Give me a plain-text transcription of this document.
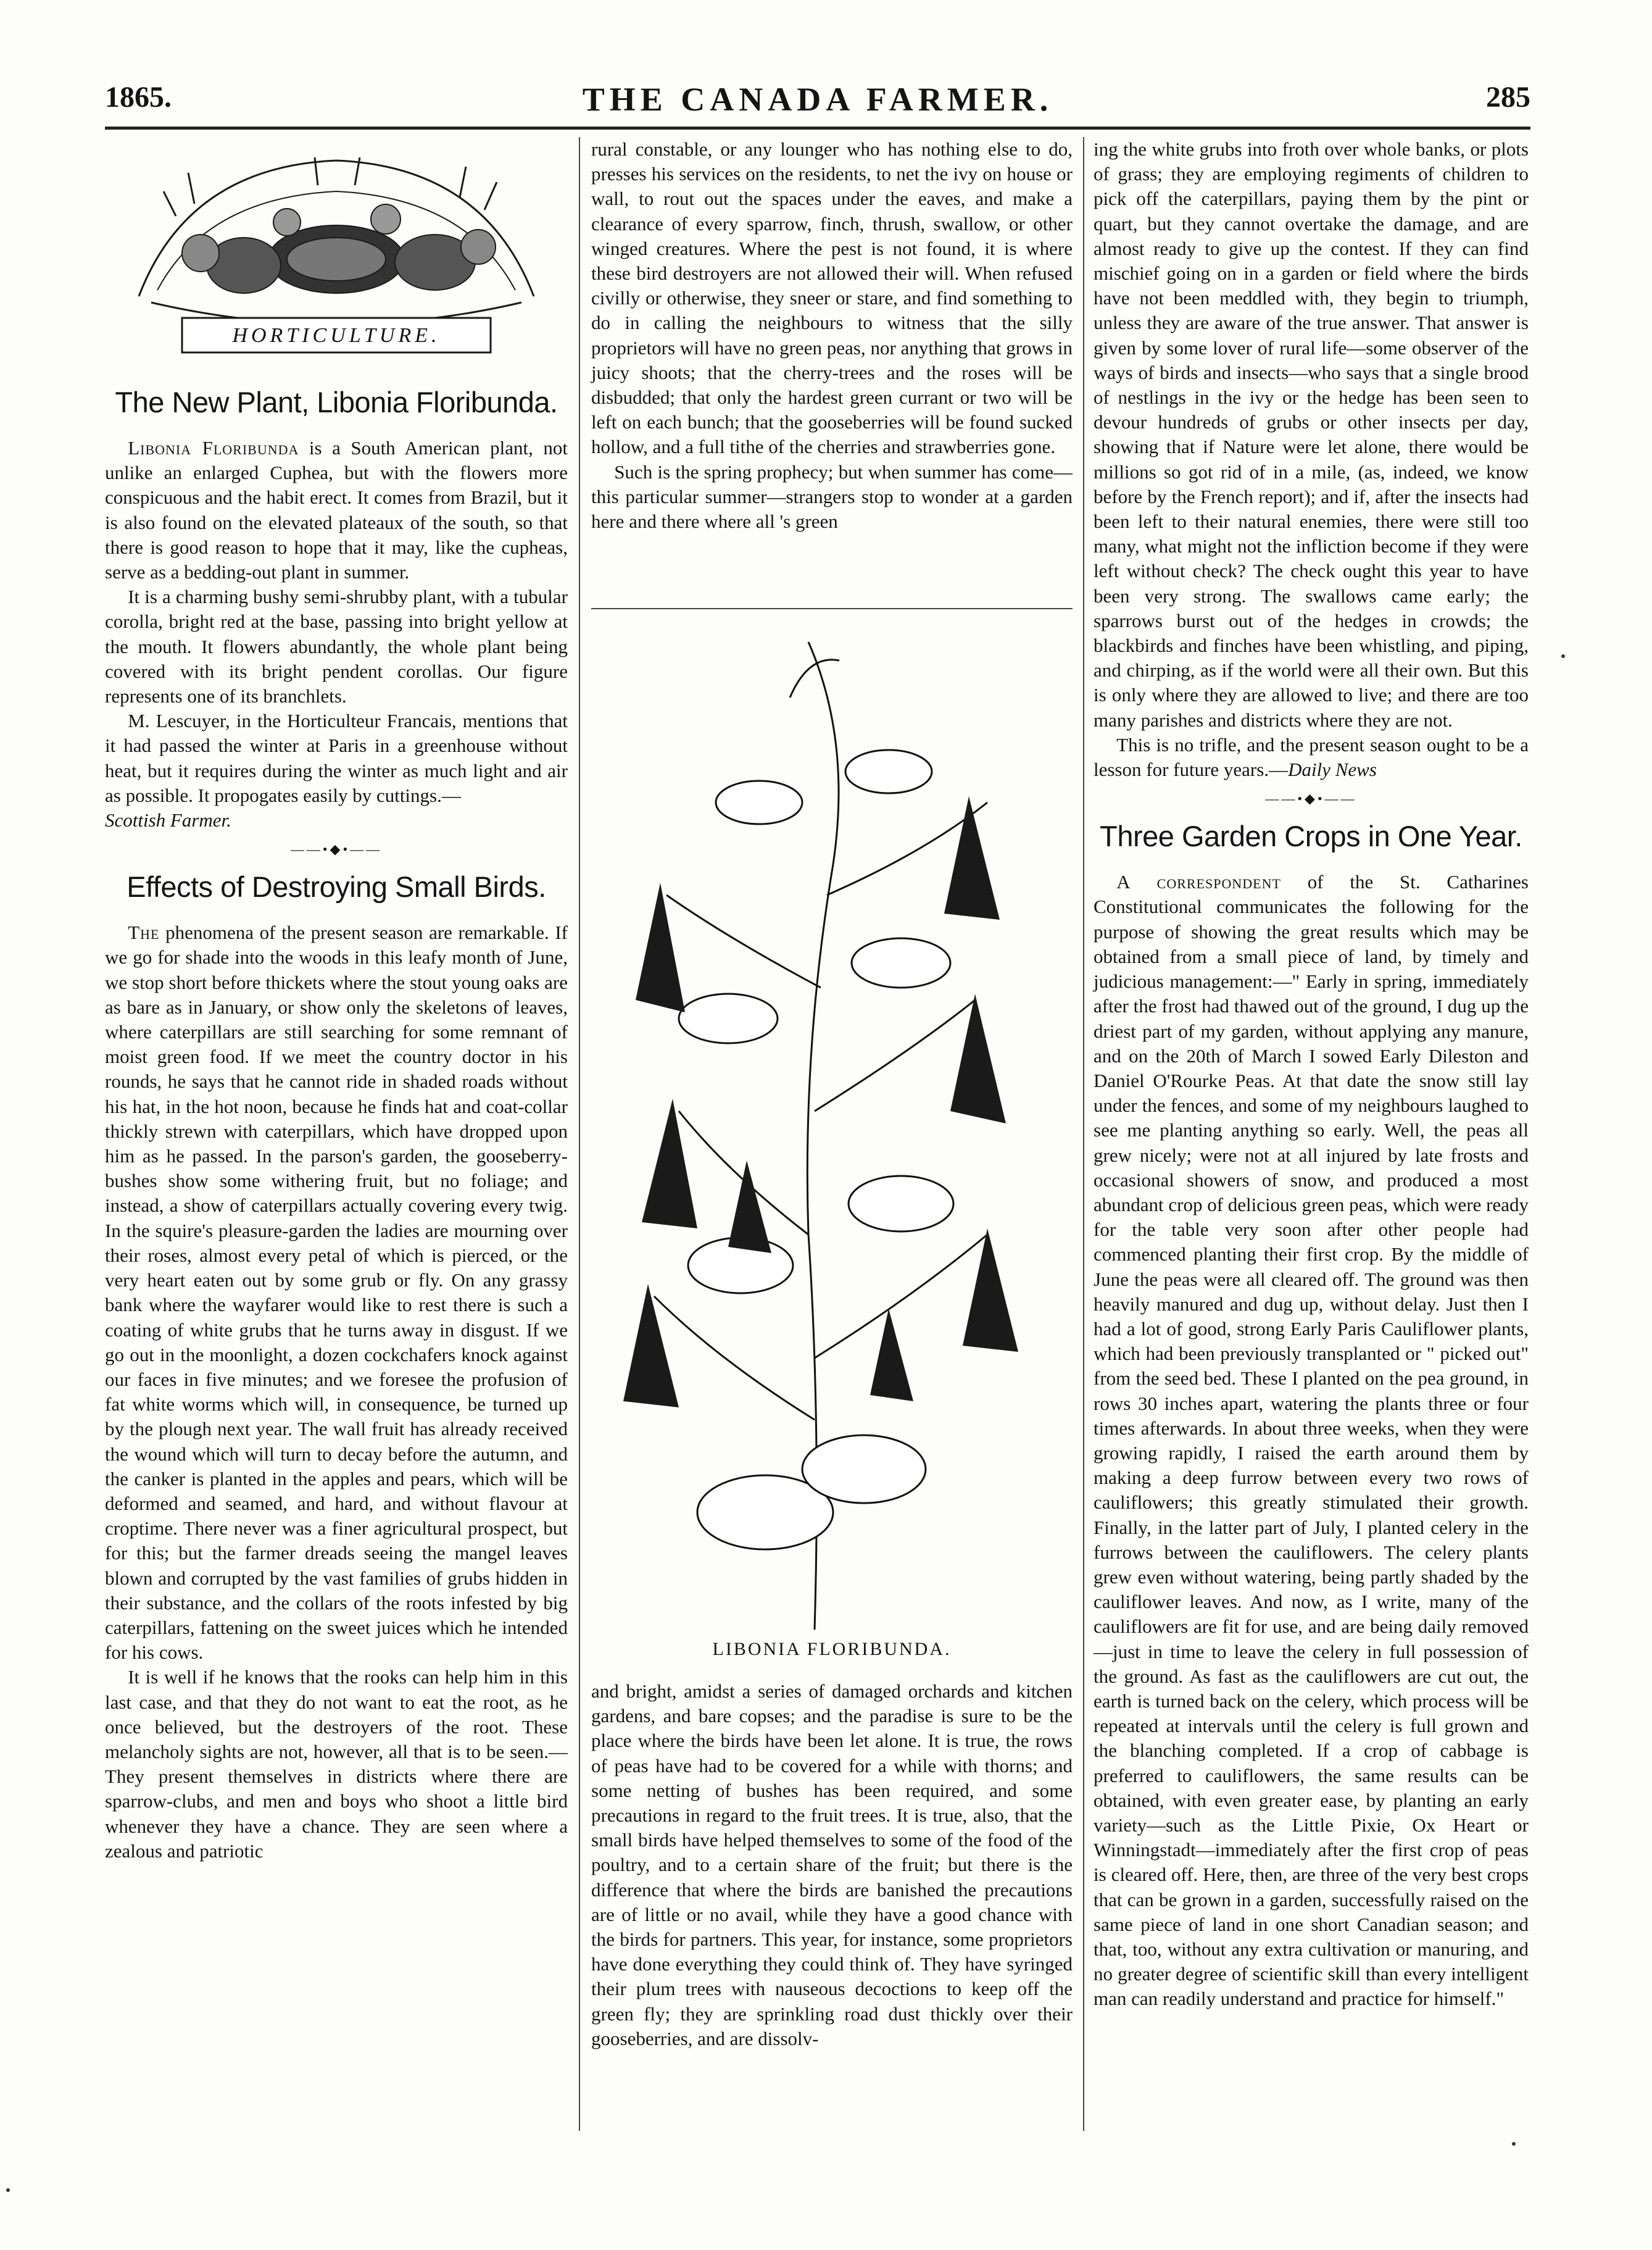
1865.	THE CANADA FARMER.	285
HORTICULTURE.
The New Plant, Libonia Floribunda.

Libonia Floribunda is a South American plant, not unlike an enlarged Cuphea, but with the flowers more conspicuous and the habit erect. It comes from Brazil, but it is also found on the elevated plateaux of the south, so that there is good reason to hope that it may, like the cupheas, serve as a bedding-out plant in summer.

It is a charming bushy semi-shrubby plant, with a tubular corolla, bright red at the base, passing into bright yellow at the mouth. It flowers abundantly, the whole plant being covered with its bright pendent corollas. Our figure represents one of its branchlets.

M. Lescuyer, in the Horticulteur Francais, mentions that it had passed the winter at Paris in a greenhouse without heat, but it requires during the winter as much light and air as possible. It propogates easily by cuttings.—

Scottish Farmer.

——•◆•——
Effects of Destroying Small Birds.

The phenomena of the present season are remarkable. If we go for shade into the woods in this leafy month of June, we stop short before thickets where the stout young oaks are as bare as in January, or show only the skeletons of leaves, where caterpillars are still searching for some remnant of moist green food. If we meet the country doctor in his rounds, he says that he cannot ride in shaded roads without his hat, in the hot noon, because he finds hat and coat-collar thickly strewn with caterpillars, which have dropped upon him as he passed. In the parson's garden, the gooseberry-bushes show some withering fruit, but no foliage; and instead, a show of caterpillars actually covering every twig. In the squire's pleasure-garden the ladies are mourning over their roses, almost every petal of which is pierced, or the very heart eaten out by some grub or fly. On any grassy bank where the wayfarer would like to rest there is such a coating of white grubs that he turns away in disgust. If we go out in the moonlight, a dozen cockchafers knock against our faces in five minutes; and we foresee the profusion of fat white worms which will, in consequence, be turned up by the plough next year. The wall fruit has already received the wound which will turn to decay before the autumn, and the canker is planted in the apples and pears, which will be deformed and seamed, and hard, and without flavour at croptime. There never was a finer agricultural prospect, but for this; but the farmer dreads seeing the mangel leaves blown and corrupted by the vast families of grubs hidden in their substance, and the collars of the roots infested by big caterpillars, fattening on the sweet juices which he intended for his cows.

It is well if he knows that the rooks can help him in this last case, and that they do not want to eat the root, as he once believed, but the destroyers of the root. These melancholy sights are not, however, all that is to be seen.—They present themselves in districts where there are sparrow-clubs, and men and boys who shoot a little bird whenever they have a chance. They are seen where a zealous and patriotic

rural constable, or any lounger who has nothing else to do, presses his services on the residents, to net the ivy on house or wall, to rout out the spaces under the eaves, and make a clearance of every sparrow, finch, thrush, swallow, or other winged creatures. Where the pest is not found, it is where these bird destroyers are not allowed their will. When refused civilly or otherwise, they sneer or stare, and find something to do in calling the neighbours to witness that the silly proprietors will have no green peas, nor anything that grows in juicy shoots; that the cherry-trees and the roses will be disbudded; that only the hardest green currant or two will be left on each bunch; that the gooseberries will be found sucked hollow, and a full tithe of the cherries and strawberries gone.

Such is the spring prophecy; but when summer has come—this particular summer—strangers stop to wonder at a garden here and there where all 's green

LIBONIA FLORIBUNDA.

and bright, amidst a series of damaged orchards and kitchen gardens, and bare copses; and the paradise is sure to be the place where the birds have been let alone. It is true, the rows of peas have had to be covered for a while with thorns; and some netting of bushes has been required, and some precautions in regard to the fruit trees. It is true, also, that the small birds have helped themselves to some of the food of the poultry, and to a certain share of the fruit; but there is the difference that where the birds are banished the precautions are of little or no avail, while they have a good chance with the birds for partners. This year, for instance, some proprietors have done everything they could think of. They have syringed their plum trees with nauseous decoctions to keep off the green fly; they are sprinkling road dust thickly over their gooseberries, and are dissolv-

ing the white grubs into froth over whole banks, or plots of grass; they are employing regiments of children to pick off the caterpillars, paying them by the pint or quart, but they cannot overtake the damage, and are almost ready to give up the contest. If they can find mischief going on in a garden or field where the birds have not been meddled with, they begin to triumph, unless they are aware of the true answer. That answer is given by some lover of rural life—some observer of the ways of birds and insects—who says that a single brood of nestlings in the ivy or the hedge has been seen to devour hundreds of grubs or other insects per day, showing that if Nature were let alone, there would be millions so got rid of in a mile, (as, indeed, we know before by the French report); and if, after the insects had been left to their natural enemies, there were still too many, what might not the infliction become if they were left without check? The check ought this year to have been very strong. The swallows came early; the sparrows burst out of the hedges in crowds; the blackbirds and finches have been whistling, and piping, and chirping, as if the world were all their own. But this is only where they are allowed to live; and there are too many parishes and districts where they are not.

This is no trifle, and the present season ought to be a lesson for future years.—Daily News

——•◆•——
Three Garden Crops in One Year.

A correspondent of the St. Catharines Constitutional communicates the following for the purpose of showing the great results which may be obtained from a small piece of land, by timely and judicious management:—" Early in spring, immediately after the frost had thawed out of the ground, I dug up the driest part of my garden, without applying any manure, and on the 20th of March I sowed Early Dileston and Daniel O'Rourke Peas. At that date the snow still lay under the fences, and some of my neighbours laughed to see me planting anything so early. Well, the peas all grew nicely; were not at all injured by late frosts and occasional showers of snow, and produced a most abundant crop of delicious green peas, which were ready for the table very soon after other people had commenced planting their first crop. By the middle of June the peas were all cleared off. The ground was then heavily manured and dug up, without delay. Just then I had a lot of good, strong Early Paris Cauliflower plants, which had been previously transplanted or " picked out" from the seed bed. These I planted on the pea ground, in rows 30 inches apart, watering the plants three or four times afterwards. In about three weeks, when they were growing rapidly, I raised the earth around them by making a deep furrow between every two rows of cauliflowers; this greatly stimulated their growth. Finally, in the latter part of July, I planted celery in the furrows between the cauliflowers. The celery plants grew even without watering, being partly shaded by the cauliflower leaves. And now, as I write, many of the cauliflowers are fit for use, and are being daily removed—just in time to leave the celery in full possession of the ground. As fast as the cauliflowers are cut out, the earth is turned back on the celery, which process will be repeated at intervals until the celery is full grown and the blanching completed. If a crop of cabbage is preferred to cauliflowers, the same results can be obtained, with even greater ease, by planting an early variety—such as the Little Pixie, Ox Heart or Winningstadt—immediately after the first crop of peas is cleared off. Here, then, are three of the very best crops that can be grown in a garden, successfully raised on the same piece of land in one short Canadian season; and that, too, without any extra cultivation or manuring, and no greater degree of scientific skill than every intelligent man can readily understand and practice for himself."
